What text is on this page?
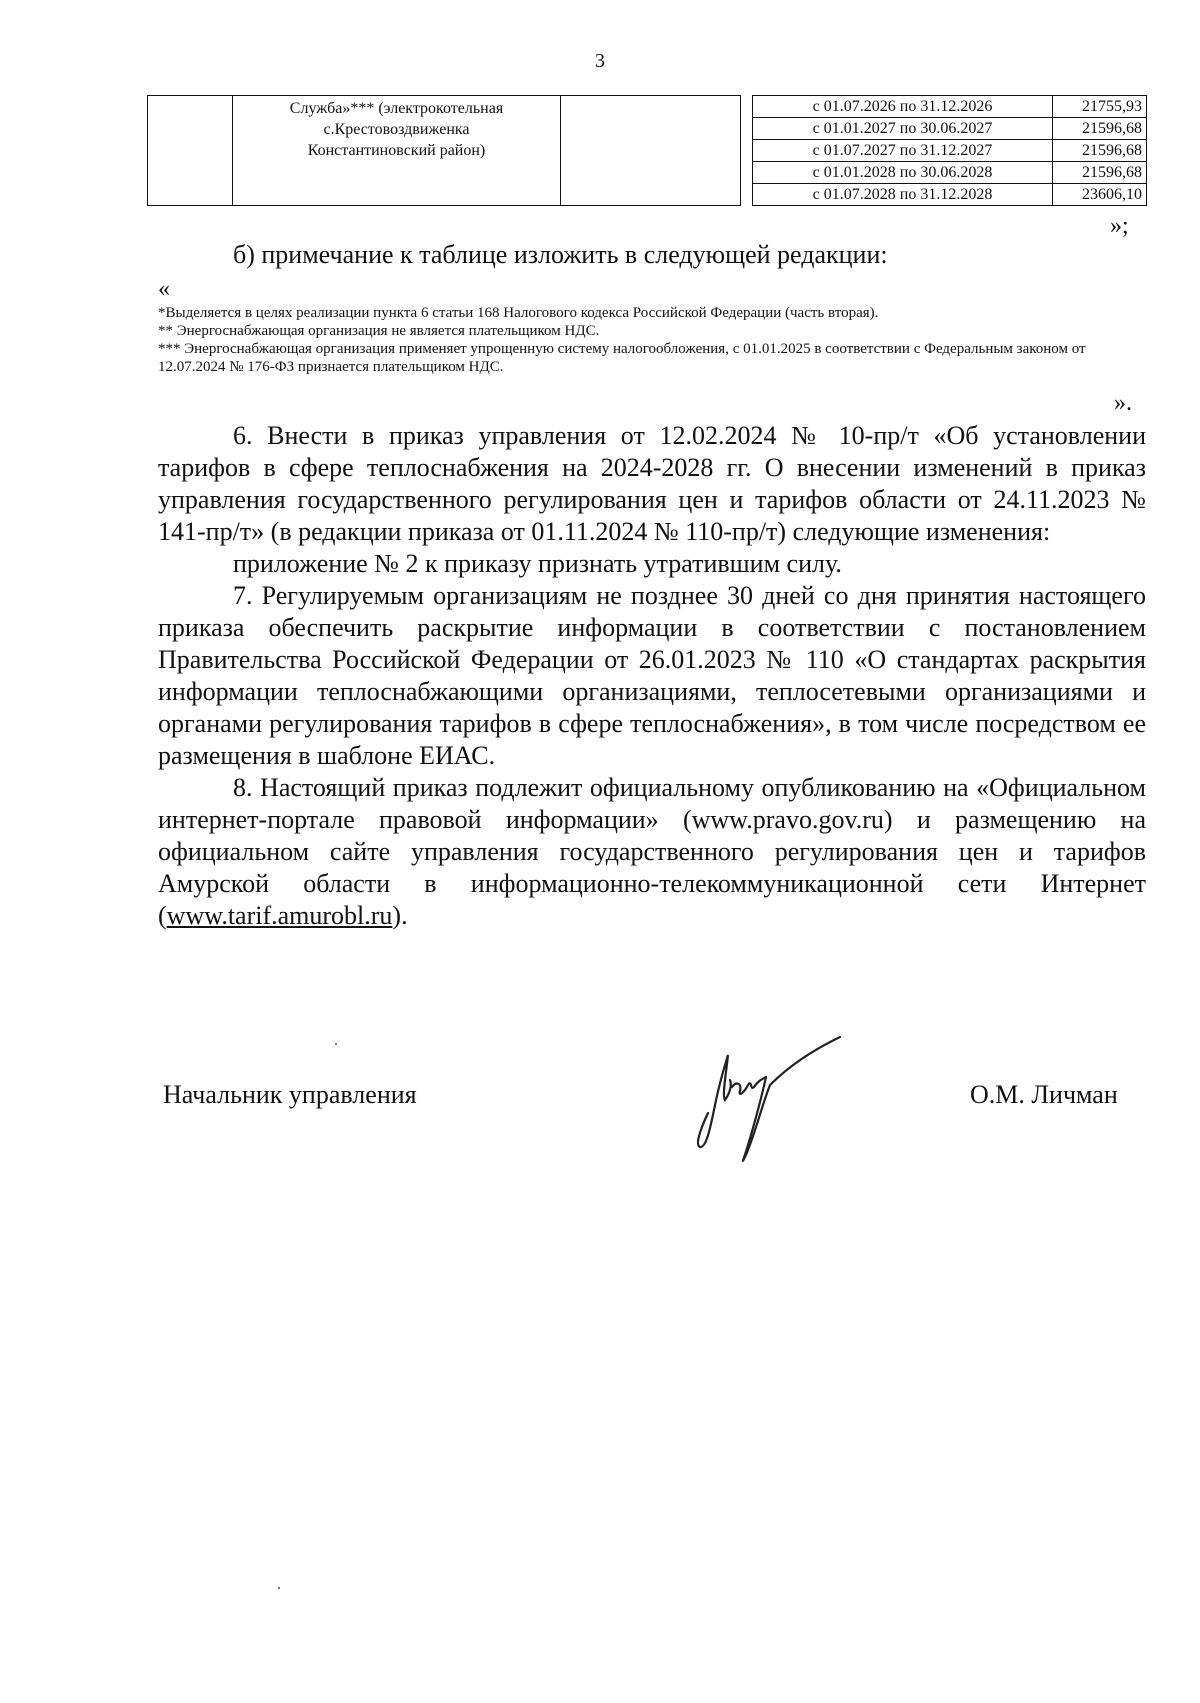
3

	Служба»*** (электрокотельная
с.Крестовоздвиженка
Константиновский район)			с 01.07.2026 по 31.12.2026	21755,93
				с 01.01.2027 по 30.06.2027	21596,68
				с 01.07.2027 по 31.12.2027	21596,68
				с 01.01.2028 по 30.06.2028	21596,68
				с 01.07.2028 по 31.12.2028	23606,10
»;
б) примечание к таблице изложить в следующей редакции:
«

*Выделяется в целях реализации пункта 6 статьи 168 Налогового кодекса Российской Федерации (часть вторая).

** Энергоснабжающая организация не является плательщиком НДС.

*** Энергоснабжающая организация применяет упрощенную систему налогообложения, с 01.01.2025 в соответствии с Федеральным законом от 12.07.2024 № 176-ФЗ признается плательщиком НДС.

».

6. Внести в приказ управления от 12.02.2024 № 10-пр/т «Об установлении тарифов в сфере теплоснабжения на 2024-2028 гг. О внесении изменений в приказ управления государственного регулирования цен и тарифов области от 24.11.2023 № 141-пр/т» (в редакции приказа от 01.11.2024 № 110-пр/т) следующие изменения:

приложение № 2 к приказу признать утратившим силу.

7. Регулируемым организациям не позднее 30 дней со дня принятия настоящего приказа обеспечить раскрытие информации в соответствии с постановлением Правительства Российской Федерации от 26.01.2023 № 110 «О стандартах раскрытия информации теплоснабжающими организациями, теплосетевыми организациями и органами регулирования тарифов в сфере теплоснабжения», в том числе посредством ее размещения в шаблоне ЕИАС.

8. Настоящий приказ подлежит официальному опубликованию на «Официальном интернет-портале правовой информации» (www.pravo.gov.ru) и размещению на официальном сайте управления государственного регулирования цен и тарифов Амурской области в информационно-телекоммуникационной сети Интернет (www.tarif.amurobl.ru).

Начальник управления	О.М. Личман
